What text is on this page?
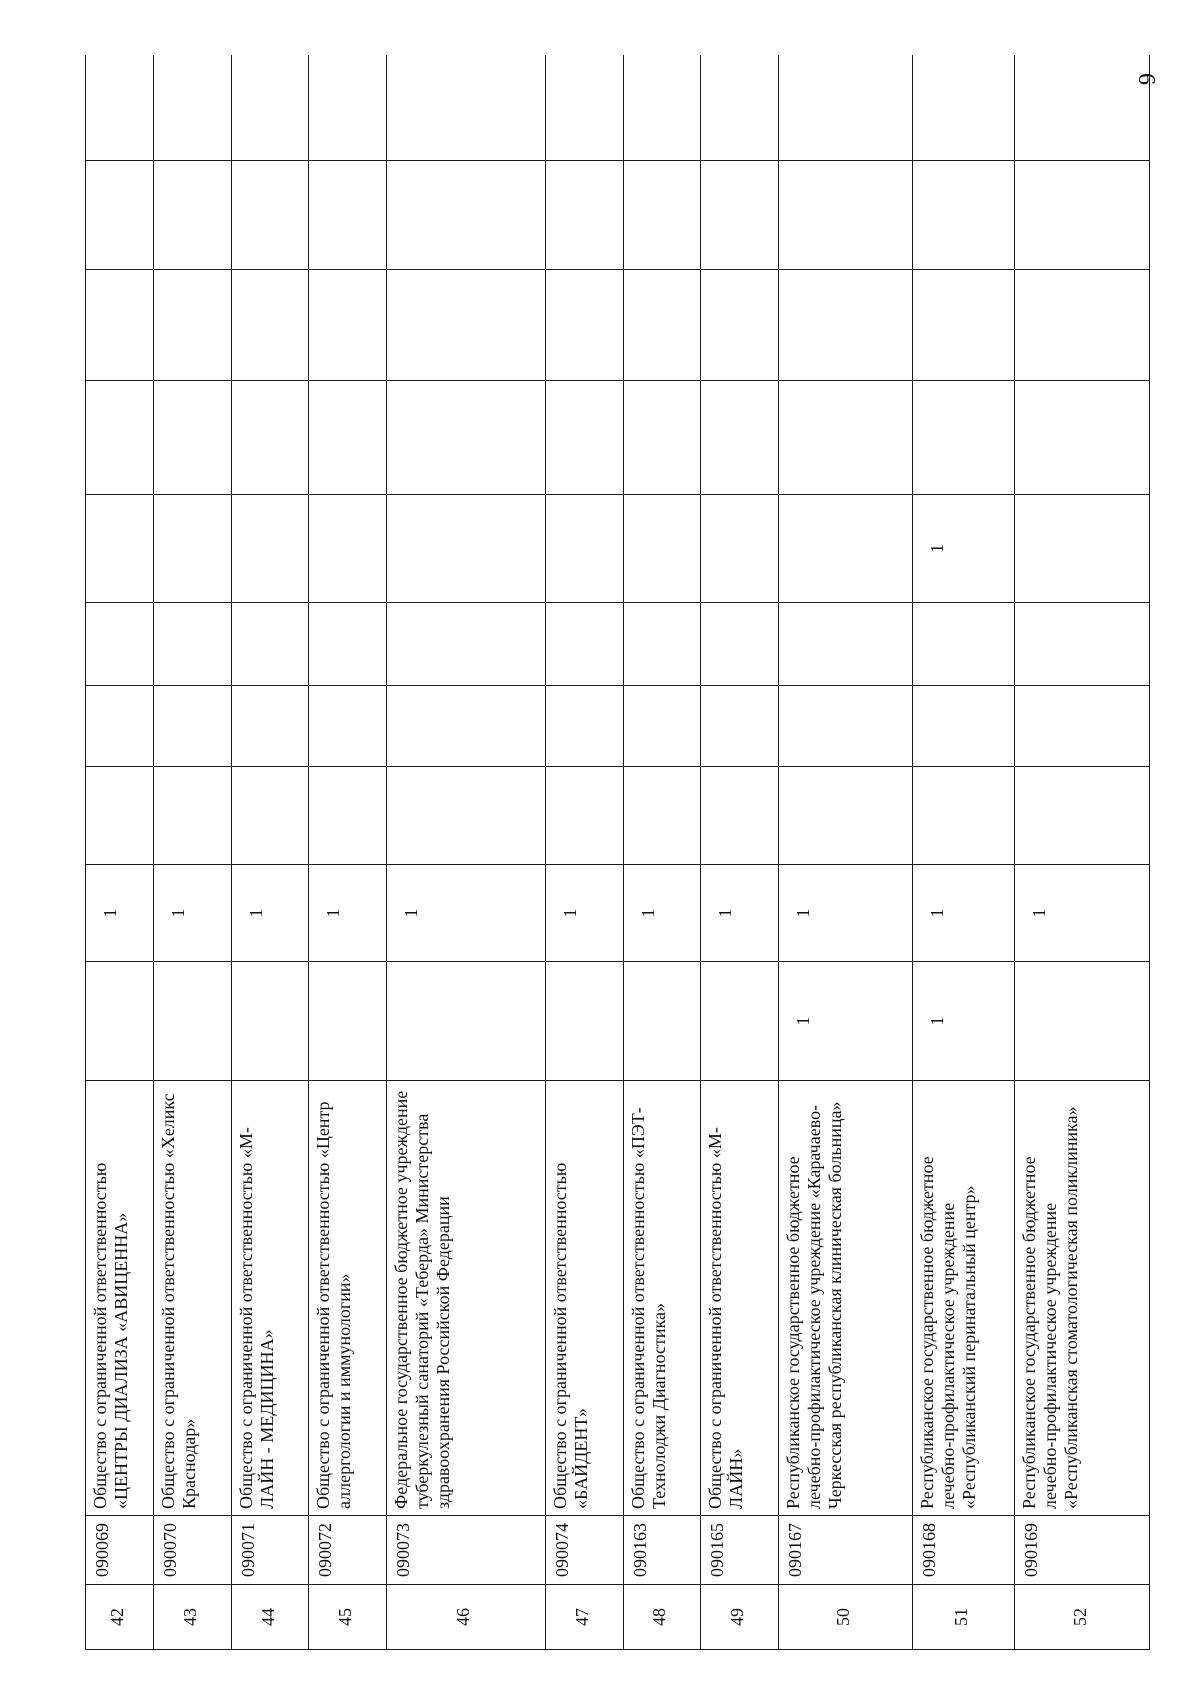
6
42	090069	Общество с ограниченной ответственностью «ЦЕНТРЫ ДИАЛИЗА «АВИЦЕННА»		1								
43	090070	Общество с ограниченной ответственностью «Хеликс Краснодар»		1								
44	090071	Общество с ограниченной ответственностью «М-ЛАЙН - МЕДИЦИНА»		1								
45	090072	Общество с ограниченной ответственностью «Центр аллергологии и иммунологии»		1								
46	090073	Федеральное государственное бюджетное учреждение туберкулезный санаторий «Теберда» Министерства здравоохранения Российской Федерации		1								
47	090074	Общество с ограниченной ответственностью «БАЙДЕНТ»		1								
48	090163	Общество с ограниченной ответственностью «ПЭТ-Технолоджи Диагностика»		1								
49	090165	Общество с ограниченной ответственностью «М-ЛАЙН»		1								
50	090167	Республиканское государственное бюджетное лечебно-профилактическое учреждение «Карачаево-Черкесская республиканская клиническая больница»	1	1								
51	090168	Республиканское государственное бюджетное лечебно-профилактическое учреждение «Республиканский перинатальный центр»	1	1				1				
52	090169	Республиканское государственное бюджетное лечебно-профилактическое учреждение «Республиканская стоматологическая поликлиника»		1								
